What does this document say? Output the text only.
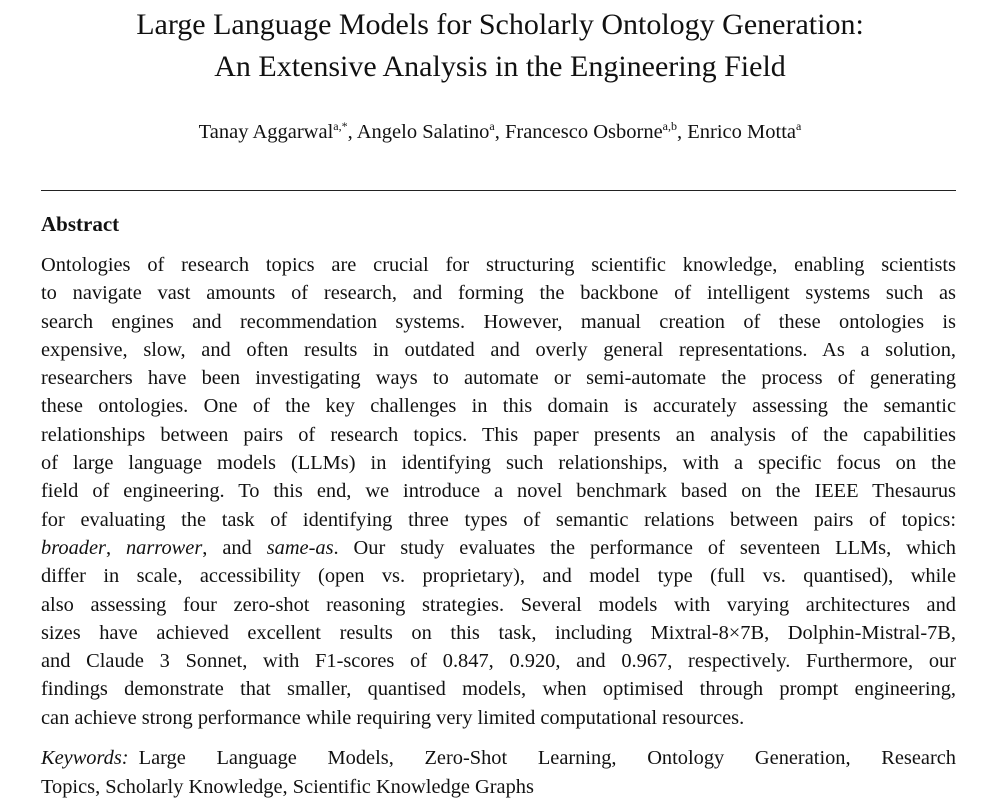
Large Language Models for Scholarly Ontology Generation:
An Extensive Analysis in the Engineering Field
Tanay Aggarwal$^{a,*}$, Angelo Salatino$^a$, Francesco Osborne$^{a,b}$, Enrico Motta$^a$
Abstract
Ontologies of research topics are crucial for structuring scientific knowledge, enabling scientists
to navigate vast amounts of research, and forming the backbone of intelligent systems such as
search engines and recommendation systems. However, manual creation of these ontologies is
expensive, slow, and often results in outdated and overly general representations. As a solution,
researchers have been investigating ways to automate or semi-automate the process of generating
these ontologies. One of the key challenges in this domain is accurately assessing the semantic
relationships between pairs of research topics. This paper presents an analysis of the capabilities
of large language models (LLMs) in identifying such relationships, with a specific focus on the
field of engineering. To this end, we introduce a novel benchmark based on the IEEE Thesaurus
for evaluating the task of identifying three types of semantic relations between pairs of topics:
broader, narrower, and same-as. Our study evaluates the performance of seventeen LLMs, which
differ in scale, accessibility (open vs. proprietary), and model type (full vs. quantised), while
also assessing four zero-shot reasoning strategies. Several models with varying architectures and
sizes have achieved excellent results on this task, including Mixtral-8×7B, Dolphin-Mistral-7B,
and Claude 3 Sonnet, with F1-scores of 0.847, 0.920, and 0.967, respectively. Furthermore, our
findings demonstrate that smaller, quantised models, when optimised through prompt engineering,
can achieve strong performance while requiring very limited computational resources.
Keywords: Large Language Models, Zero-Shot Learning, Ontology Generation, Research
Topics, Scholarly Knowledge, Scientific Knowledge Graphs
